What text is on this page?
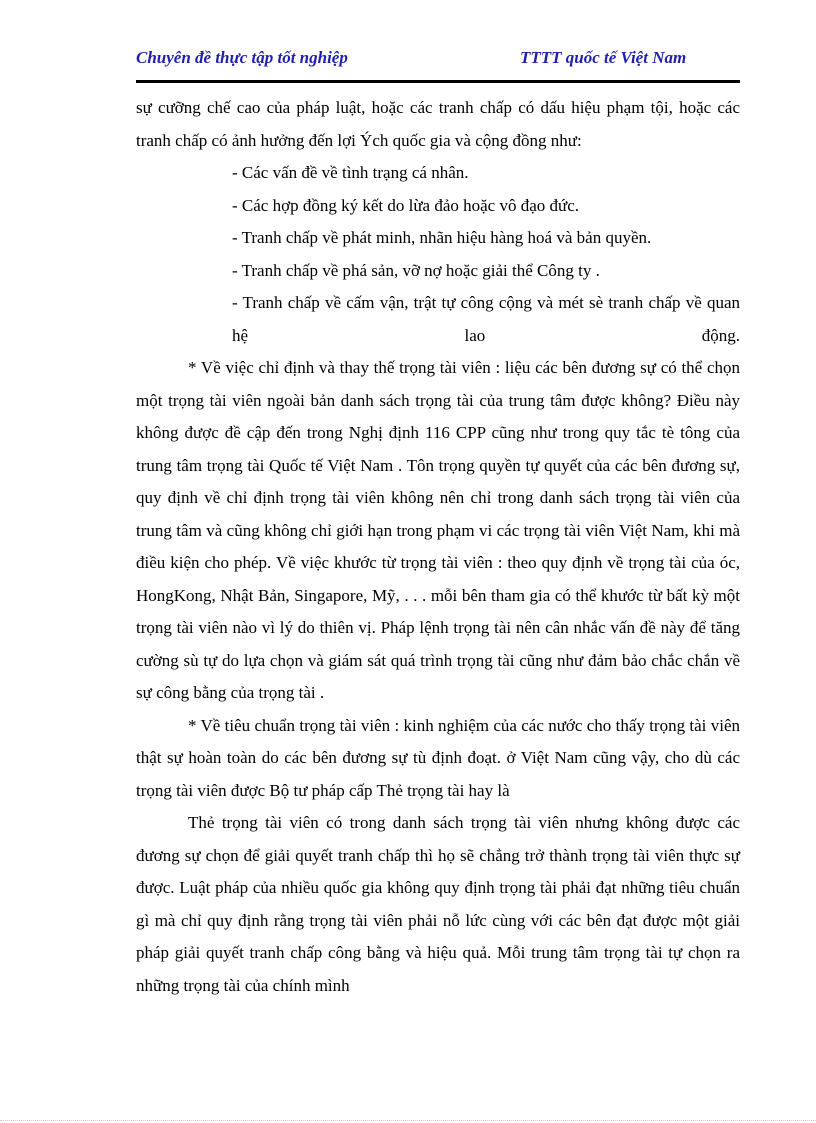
Chuyên đề thực tập tốt nghiệp	TTTT quốc tế Việt Nam

sự cưỡng chế cao của pháp luật, hoặc các tranh chấp có dấu hiệu phạm tội, hoặc các tranh chấp có ảnh hưởng đến lợi Ých quốc gia và cộng đồng như:

- Các vấn đề về tình trạng cá nhân.

- Các hợp đồng ký kết do lừa đảo hoặc vô đạo đức.

- Tranh chấp về phát minh, nhãn hiệu hàng hoá và bản quyền.

- Tranh chấp về phá sản, vỡ nợ hoặc giải thể Công ty .

- Tranh chấp về cấm vận, trật tự công cộng và mét sè tranh chấp về quan hệ lao động.

* Về việc chỉ định và thay thế trọng tài viên : liệu các bên đương sự có thể chọn một trọng tài viên ngoài bản danh sách trọng tài của trung tâm được không? Điều này không được đề cập đến trong Nghị định 116 CPP cũng như trong quy tắc tè tông của trung tâm trọng tài Quốc tế Việt Nam . Tôn trọng quyền tự quyết của các bên đương sự, quy định về chỉ định trọng tài viên không nên chỉ trong danh sách trọng tài viên của trung tâm và cũng không chỉ giới hạn trong phạm vi các trọng tài viên Việt Nam, khi mà điều kiện cho phép. Về việc khước từ trọng tài viên : theo quy định về trọng tài của óc, HongKong, Nhật Bản, Singapore, Mỹ, . . . mỗi bên tham gia có thể khước từ bất kỳ một trọng tài viên nào vì lý do thiên vị. Pháp lệnh trọng tài nên cân nhắc vấn đề này để tăng cường sù tự do lựa chọn và giám sát quá trình trọng tài cũng như đảm bảo chắc chắn về sự công bằng của trọng tài .

* Về tiêu chuẩn trọng tài viên : kinh nghiệm của các nước cho thấy trọng tài viên thật sự hoàn toàn do các bên đương sự tù định đoạt. ở Việt Nam cũng vậy, cho dù các trọng tài viên được Bộ tư pháp cấp Thẻ trọng tài hay là

Thẻ trọng tài viên có trong danh sách trọng tài viên nhưng không được các đương sự chọn để giải quyết tranh chấp thì họ sẽ chẳng trở thành trọng tài viên thực sự được. Luật pháp của nhiều quốc gia không quy định trọng tài phải đạt những tiêu chuẩn gì mà chỉ quy định rằng trọng tài viên phải nỗ lức cùng với các bên đạt được một giải pháp giải quyết tranh chấp công bằng và hiệu quả. Mỗi trung tâm trọng tài tự chọn ra những trọng tài của chính mình
